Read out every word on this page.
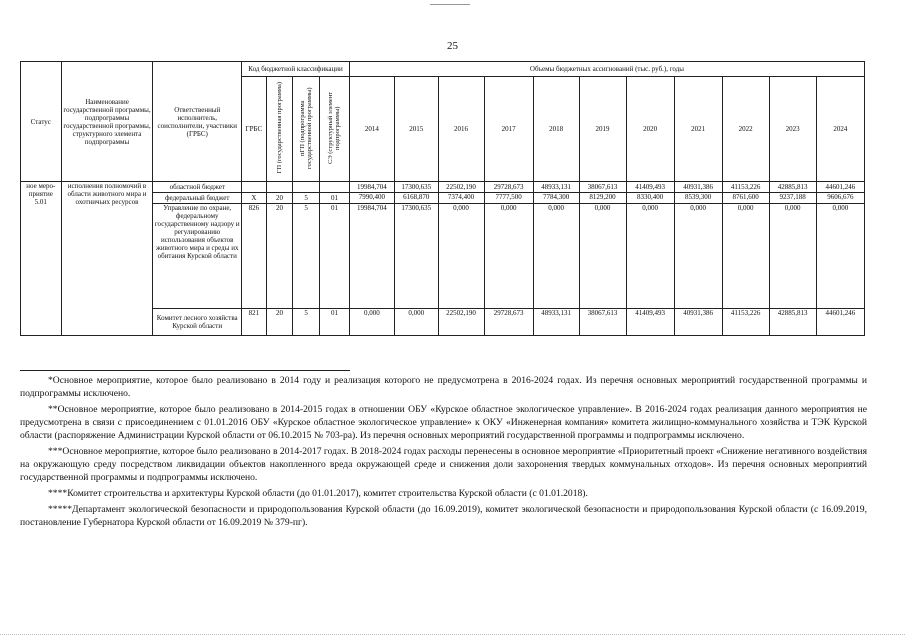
25
Статус	Наименование государственной программы, подпрограммы государственной программы, структурного элемента подпрограммы	Ответственный исполнитель, соисполнители, участники (ГРБС)	Код бюджетной классификации				Объемы бюджетных ассигнований (тыс. руб.), годы										
			ГРБС	ГП (государственная программа)	пГП (подпрограмма государственной программы)	СЭ (структурный элемент подпрограммы)	2014	2015	2016	2017	2018	2019	2020	2021	2022	2023	2024
ное меро- приятие 5.01	исполнения полномочий в области животного мира и охотничьих ресурсов	областной бюджет					19984,704	17300,635	22502,190	29728,673	48933,131	38067,613	41409,493	40931,386	41153,226	42885,813	44601,246
		федеральный бюджет	Х	20	5	01	7990,400	6168,870	7374,400	7777,500	7784,300	8129,200	8330,400	8539,300	8761,600	9237,188	9606,676
		Управление по охране, федеральному государственному надзору и регулированию использования объектов животного мира и среды их обитания Курской области	826	20	5	01	19984,704	17300,635	0,000	0,000	0,000	0,000	0,000	0,000	0,000	0,000	0,000
		Комитет лесного хозяйства Курской области	821	20	5	01	0,000	0,000	22502,190	29728,673	48933,131	38067,613	41409,493	40931,386	41153,226	42885,813	44601,246

*Основное мероприятие, которое было реализовано в 2014 году и реализация которого не предусмотрена в 2016-2024 годах. Из перечня основных мероприятий государственной программы и подпрограммы исключено.

**Основное мероприятие, которое было реализовано в 2014-2015 годах в отношении ОБУ «Курское областное экологическое управление». В 2016-2024 годах реализация данного мероприятия не предусмотрена в связи с присоединением с 01.01.2016 ОБУ «Курское областное экологическое управление» к ОКУ «Инженерная компания» комитета жилищно-коммунального хозяйства и ТЭК Курской области (распоряжение Администрации Курской области от 06.10.2015 № 703-ра). Из перечня основных мероприятий государственной программы и подпрограммы исключено.

***Основное мероприятие, которое было реализовано в 2014-2017 годах. В 2018-2024 годах расходы перенесены в основное мероприятие «Приоритетный проект «Снижение негативного воздействия на окружающую среду посредством ликвидации объектов накопленного вреда окружающей среде и снижения доли захоронения твердых коммунальных отходов». Из перечня основных мероприятий государственной программы и подпрограммы исключено.

****Комитет строительства и архитектуры Курской области (до 01.01.2017), комитет строительства Курской области (с 01.01.2018).

*****Департамент экологической безопасности и природопользования Курской области (до 16.09.2019), комитет экологической безопасности и природопользования Курской области (с 16.09.2019, постановление Губернатора Курской области от 16.09.2019 № 379-пг).
